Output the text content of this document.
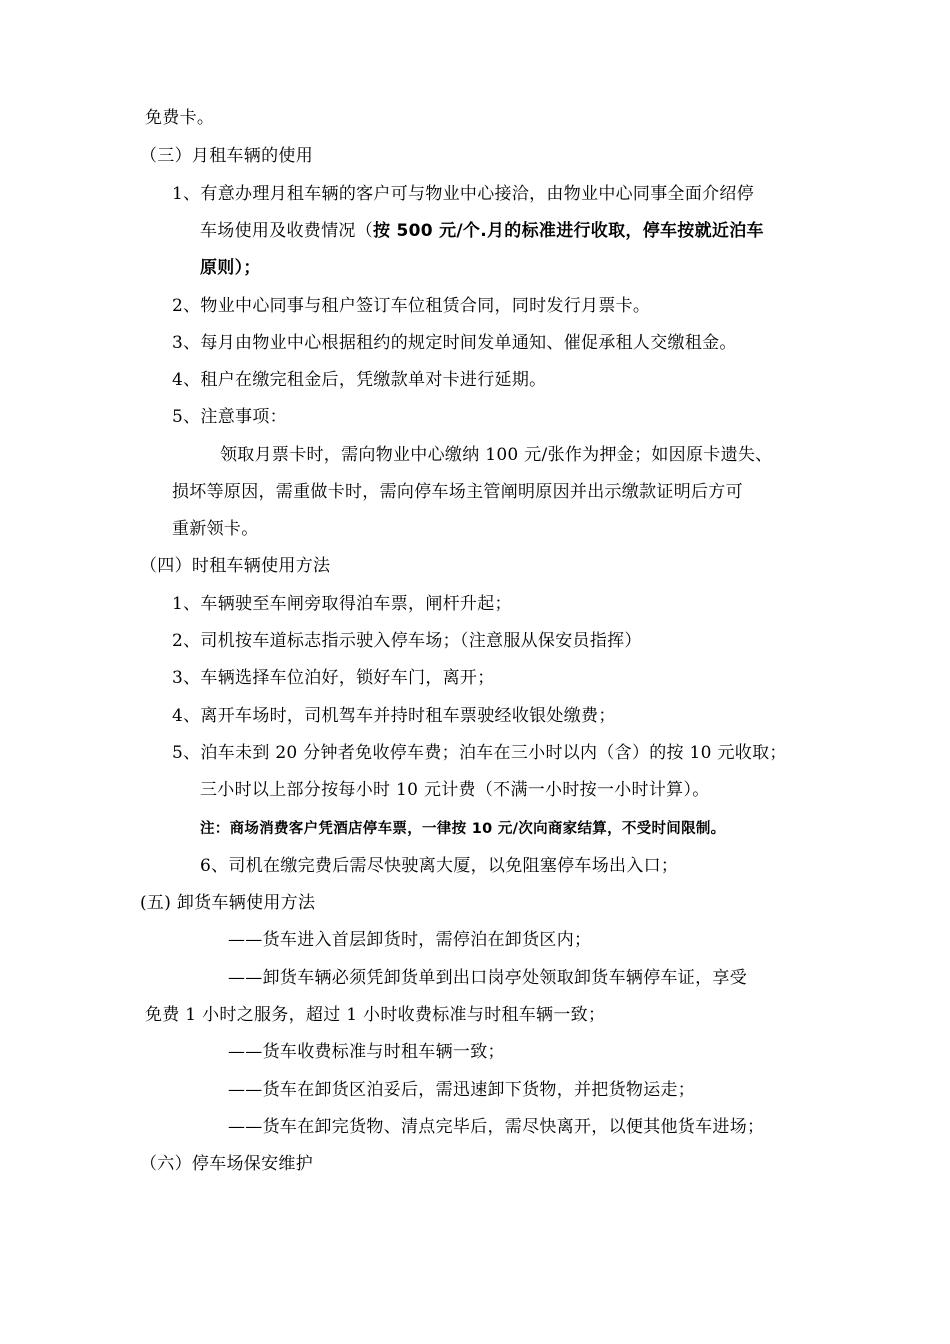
免费卡。
（三）月租车辆的使用
1、有意办理月租车辆的客户可与物业中心接洽，由物业中心同事全面介绍停
车场使用及收费情况（按 500 元/个.月的标准进行收取，停车按就近泊车
原则）；
2、物业中心同事与租户签订车位租赁合同，同时发行月票卡。
3、每月由物业中心根据租约的规定时间发单通知、催促承租人交缴租金。
4、租户在缴完租金后，凭缴款单对卡进行延期。
5、注意事项：
领取月票卡时，需向物业中心缴纳 100 元/张作为押金；如因原卡遗失、
损坏等原因，需重做卡时，需向停车场主管阐明原因并出示缴款证明后方可
重新领卡。
（四）时租车辆使用方法
1、车辆驶至车闸旁取得泊车票，闸杆升起；
2、司机按车道标志指示驶入停车场；（注意服从保安员指挥）
3、车辆选择车位泊好，锁好车门，离开；
4、离开车场时，司机驾车并持时租车票驶经收银处缴费；
5、泊车未到 20 分钟者免收停车费；泊车在三小时以内（含）的按 10 元收取；
三小时以上部分按每小时 10 元计费（不满一小时按一小时计算）。
注：商场消费客户凭酒店停车票，一律按 10 元/次向商家结算，不受时间限制。
6、司机在缴完费后需尽快驶离大厦，以免阻塞停车场出入口；
(五) 卸货车辆使用方法
——货车进入首层卸货时，需停泊在卸货区内；
——卸货车辆必须凭卸货单到出口岗亭处领取卸货车辆停车证，享受
免费 1 小时之服务，超过 1 小时收费标准与时租车辆一致；
——货车收费标准与时租车辆一致；
——货车在卸货区泊妥后，需迅速卸下货物，并把货物运走；
——货车在卸完货物、清点完毕后，需尽快离开，以便其他货车进场；
（六）停车场保安维护
